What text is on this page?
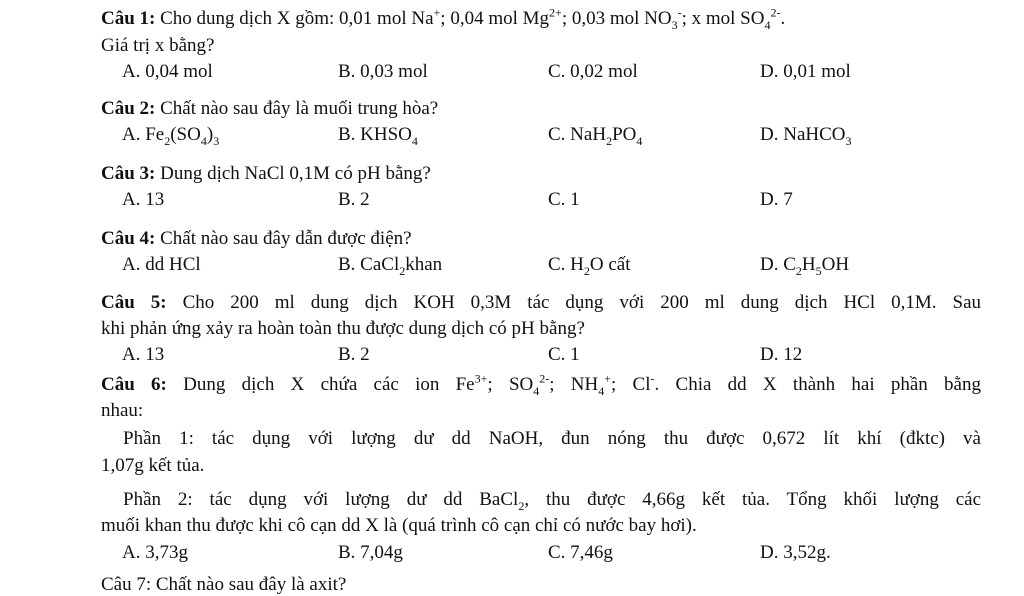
Câu 1: Cho dung dịch X gồm: 0,01 mol Na+; 0,04 mol $Mg^{2+}$; 0,03 mol $NO_3^-$; x mol $SO_4^{2-}$.
Giá trị x bằng?
A. 0,04 mol	B. 0,03 mol	C. 0,02 mol	D. 0,01 mol
Câu 2: Chất nào sau đây là muối trung hòa?
A. $Fe_2(SO_4)_3$	B. $KHSO_4$	C. $NaH_2PO_4$	D. NaHCO$_3$
Câu 3: Dung dịch NaCl 0,1M có pH bằng?
A. 13	B. 2	C. 1	D. 7
Câu 4: Chất nào sau đây dẫn được điện?
A. dd HCl	B. CaCl$_2$khan	C. $H_2O$ cất	D. $C_2H_5OH$
Câu 5: Cho 200 ml dung dịch KOH 0,3M tác dụng với 200 ml dung dịch HCl 0,1M. Sau
khi phản ứng xảy ra hoàn toàn thu được dung dịch có pH bằng?
A. 13	B. 2	C. 1	D. 12
Câu 6: Dung dịch X chứa các ion $Fe^{3+}$; $SO_4^{2-}$; $NH_4^+$; Cl-. Chia dd X thành hai phần bằng
nhau:
Phần 1: tác dụng với lượng dư dd NaOH, đun nóng thu được 0,672 lít khí (đktc) và
1,07g kết tủa.
Phần 2: tác dụng với lượng dư dd BaCl$_2$, thu được 4,66g kết tủa. Tổng khối lượng các
muối khan thu được khi cô cạn dd X là (quá trình cô cạn chỉ có nước bay hơi).
A. 3,73g	B. 7,04g	C. 7,46g	D. 3,52g.
Câu 7: Chất nào sau đây là axit?
